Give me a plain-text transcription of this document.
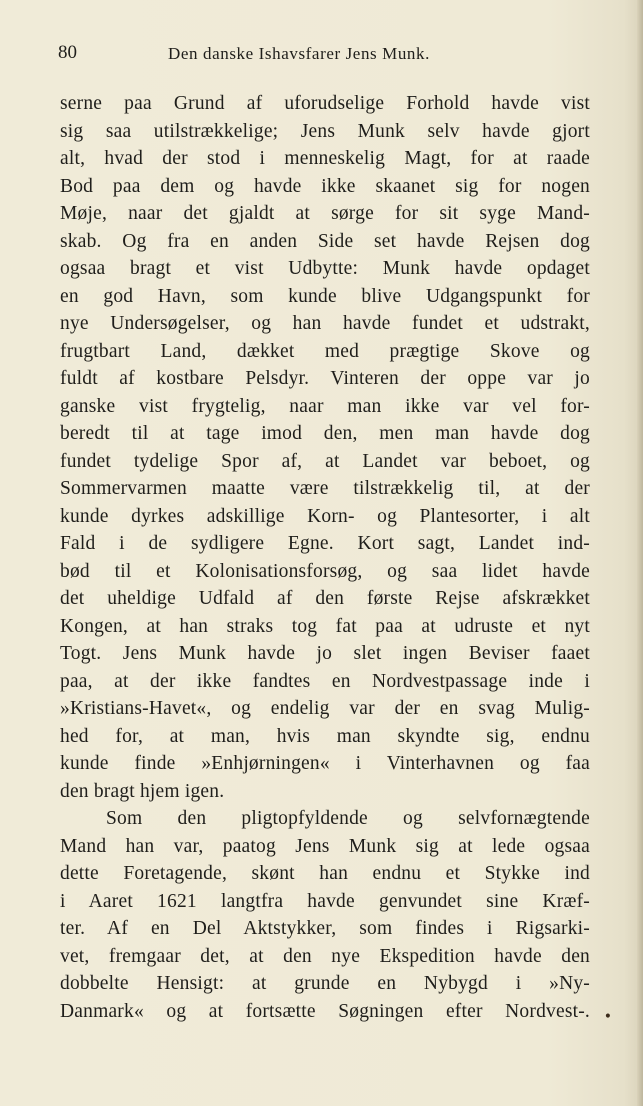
80	Den danske Ishavsfarer Jens Munk.
serne paa Grund af uforudselige Forhold havde vist
sig saa utilstrækkelige; Jens Munk selv havde gjort
alt, hvad der stod i menneskelig Magt, for at raade
Bod paa dem og havde ikke skaanet sig for nogen
Møje, naar det gjaldt at sørge for sit syge Mand-
skab. Og fra en anden Side set havde Rejsen dog
ogsaa bragt et vist Udbytte: Munk havde opdaget
en god Havn, som kunde blive Udgangspunkt for
nye Undersøgelser, og han havde fundet et udstrakt,
frugtbart Land, dækket med prægtige Skove og
fuldt af kostbare Pelsdyr. Vinteren der oppe var jo
ganske vist frygtelig, naar man ikke var vel for-
beredt til at tage imod den, men man havde dog
fundet tydelige Spor af, at Landet var beboet, og
Sommervarmen maatte være tilstrækkelig til, at der
kunde dyrkes adskillige Korn- og Plantesorter, i alt
Fald i de sydligere Egne. Kort sagt, Landet ind-
bød til et Kolonisationsforsøg, og saa lidet havde
det uheldige Udfald af den første Rejse afskrækket
Kongen, at han straks tog fat paa at udruste et nyt
Togt. Jens Munk havde jo slet ingen Beviser faaet
paa, at der ikke fandtes en Nordvestpassage inde i
»Kristians-Havet«, og endelig var der en svag Mulig-
hed for, at man, hvis man skyndte sig, endnu
kunde finde »Enhjørningen« i Vinterhavnen og faa
den bragt hjem igen.
Som den pligtopfyldende og selvfornægtende
Mand han var, paatog Jens Munk sig at lede ogsaa
dette Foretagende, skønt han endnu et Stykke ind
i Aaret 1621 langtfra havde genvundet sine Kræf-
ter. Af en Del Aktstykker, som findes i Rigsarki-
vet, fremgaar det, at den nye Ekspedition havde den
dobbelte Hensigt: at grunde en Nybygd i »Ny-
Danmark« og at fortsætte Søgningen efter Nordvest-. •
